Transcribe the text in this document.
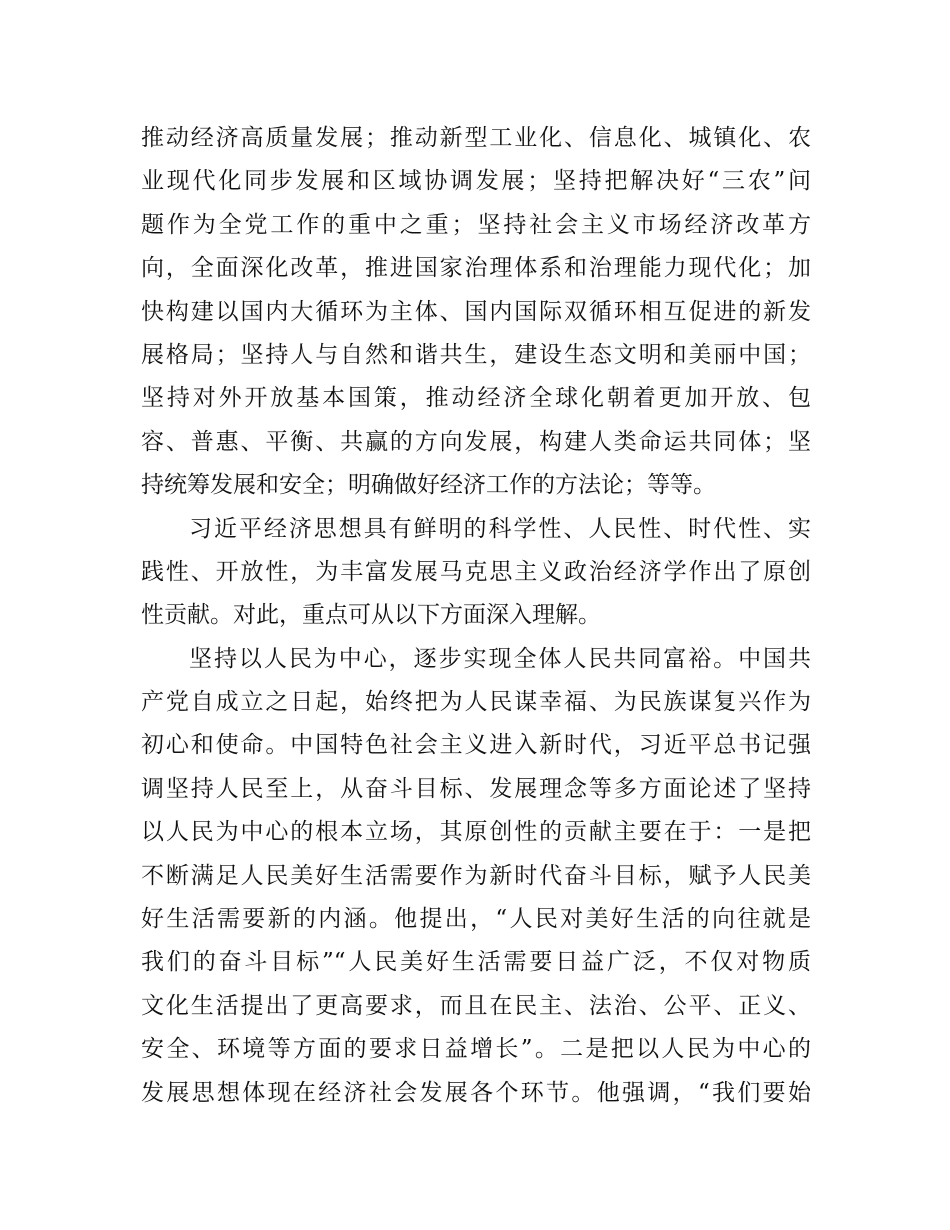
推动经济高质量发展；推动新型工业化、信息化、城镇化、农
业现代化同步发展和区域协调发展；坚持把解决好“三农”问
题作为全党工作的重中之重；坚持社会主义市场经济改革方
向，全面深化改革，推进国家治理体系和治理能力现代化；加
快构建以国内大循环为主体、国内国际双循环相互促进的新发
展格局；坚持人与自然和谐共生，建设生态文明和美丽中国；
坚持对外开放基本国策，推动经济全球化朝着更加开放、包
容、普惠、平衡、共赢的方向发展，构建人类命运共同体；坚
持统筹发展和安全；明确做好经济工作的方法论；等等。
习近平经济思想具有鲜明的科学性、人民性、时代性、实
践性、开放性，为丰富发展马克思主义政治经济学作出了原创
性贡献。对此，重点可从以下方面深入理解。
坚持以人民为中心，逐步实现全体人民共同富裕。中国共
产党自成立之日起，始终把为人民谋幸福、为民族谋复兴作为
初心和使命。中国特色社会主义进入新时代，习近平总书记强
调坚持人民至上，从奋斗目标、发展理念等多方面论述了坚持
以人民为中心的根本立场，其原创性的贡献主要在于：一是把
不断满足人民美好生活需要作为新时代奋斗目标，赋予人民美
好生活需要新的内涵。他提出，“人民对美好生活的向往就是
我们的奋斗目标”“人民美好生活需要日益广泛，不仅对物质
文化生活提出了更高要求，而且在民主、法治、公平、正义、
安全、环境等方面的要求日益增长”。二是把以人民为中心的
发展思想体现在经济社会发展各个环节。他强调，“我们要始
